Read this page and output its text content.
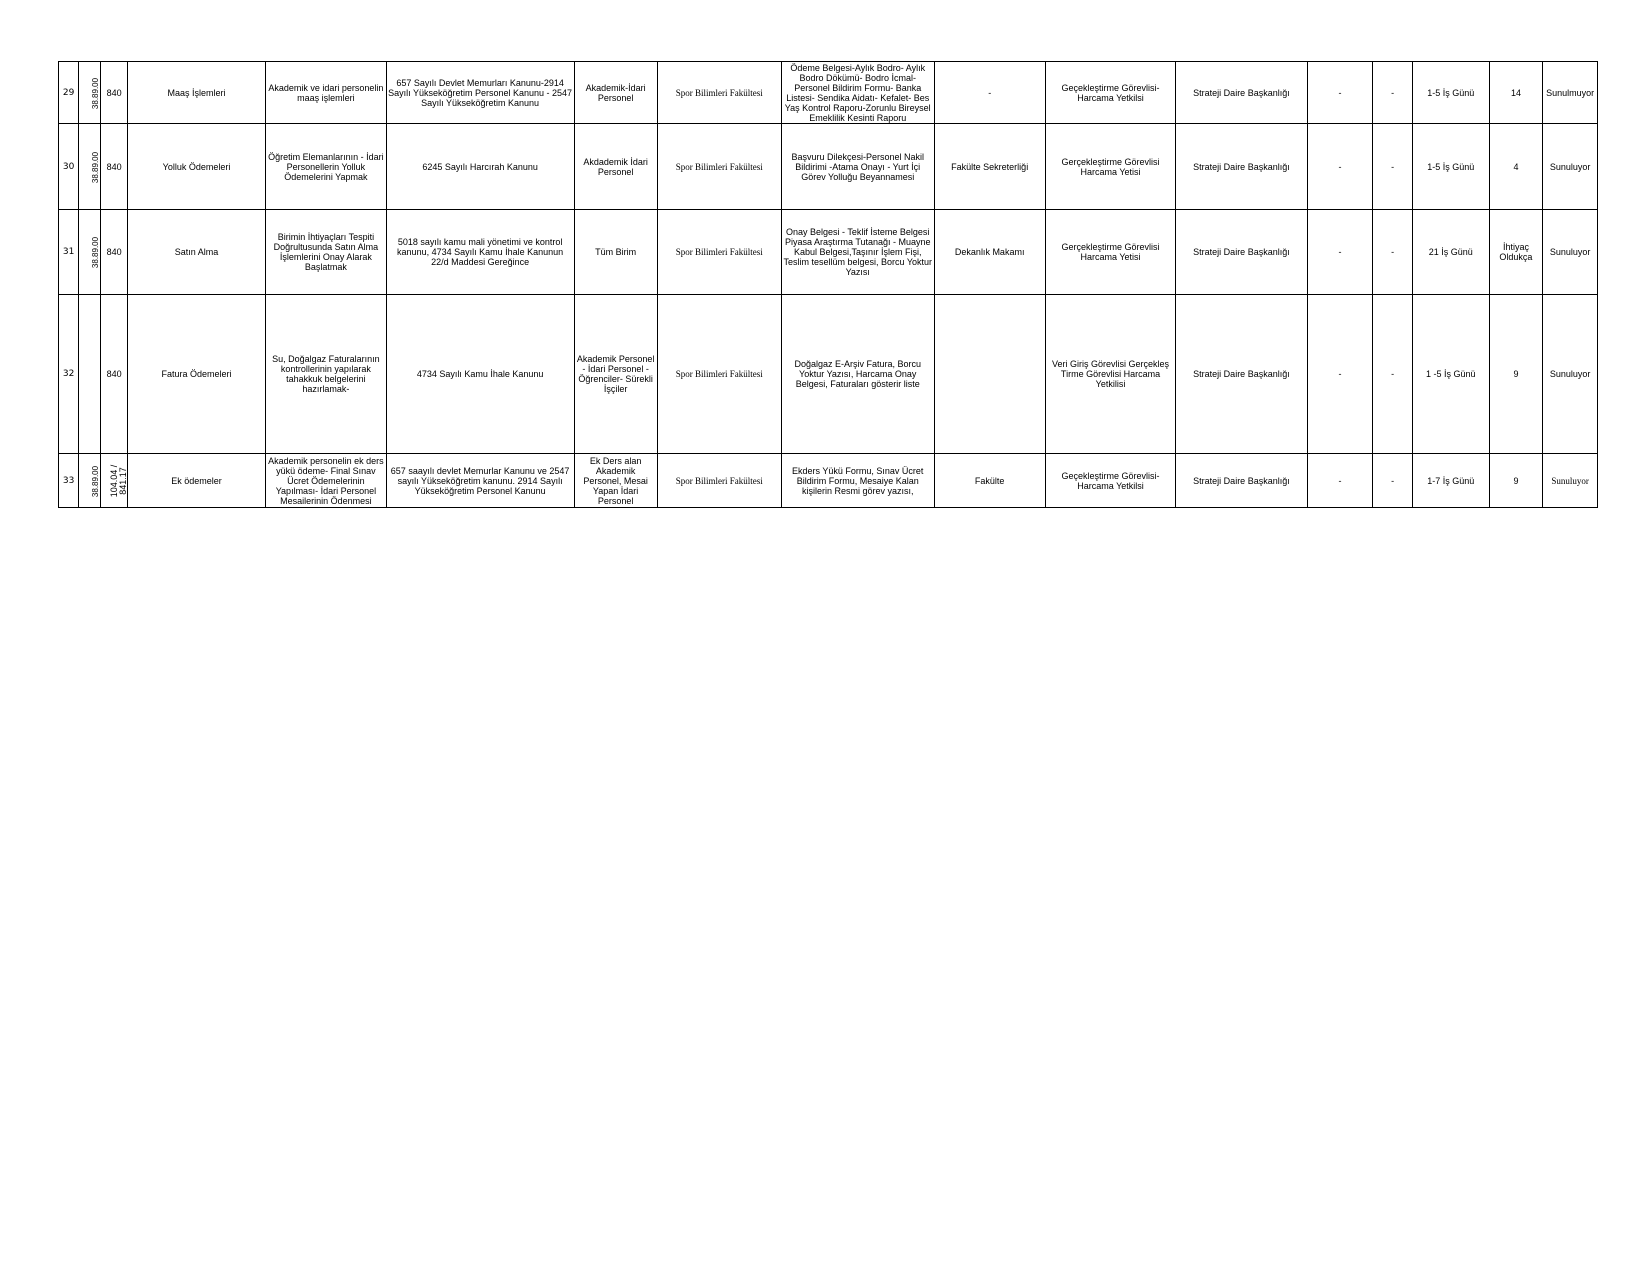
29	38.89.00	840	Maaş İşlemleri	Akademik ve idari personelin maaş işlemleri	657 Sayılı Devlet Memurları Kanunu-2914 Sayılı Yükseköğretim Personel Kanunu - 2547 Sayılı Yükseköğretim Kanunu	Akademik-İdari Personel	Spor Bilimleri Fakültesi	Ödeme Belgesi-Aylık Bodro- Aylık Bodro Dökümü- Bodro İcmal- Personel Bildirim Formu- Banka Listesi- Sendika Aidatı- Kefalet- Bes Yaş Kontrol Raporu-Zorunlu Bireysel Emeklilik Kesinti Raporu	-	Geçekleştirme Görevlisi- Harcama Yetkilsi	Strateji Daire Başkanlığı	-	-	1-5 İş Günü	14	Sunulmuyor
30	38.89.00	840	Yolluk Ödemeleri	Öğretim Elemanlarının - İdari Personellerin Yolluk Ödemelerini Yapmak	6245 Sayılı Harcırah Kanunu	Akdademik İdari Personel	Spor Bilimleri Fakültesi	Başvuru Dilekçesi-Personel Nakil Bildirimi -Atama Onayı - Yurt İçi Görev Yolluğu Beyannamesi	Fakülte Sekreterliği	Gerçekleştirme Görevlisi Harcama Yetisi	Strateji Daire Başkanlığı	-	-	1-5 İş Günü	4	Sunuluyor
31	38.89.00	840	Satın Alma	Birimin İhtiyaçları Tespiti Doğrultusunda Satın Alma İşlemlerini Onay Alarak Başlatmak	5018 sayılı kamu mali yönetimi ve kontrol kanunu, 4734 Sayılı Kamu İhale Kanunun 22/d Maddesi Gereğince	Tüm Birim	Spor Bilimleri Fakültesi	Onay Belgesi - Teklif İsteme Belgesi Piyasa Araştırma Tutanağı - Muayne Kabul Belgesi,Taşınır İşlem Fişi, Teslim tesellüm belgesi, Borcu Yoktur Yazısı	Dekanlık Makamı	Gerçekleştirme Görevlisi Harcama Yetisi	Strateji Daire Başkanlığı	-	-	21 İş Günü	İhtiyaç Oldukça	Sunuluyor
32		840	Fatura Ödemeleri	Su, Doğalgaz Faturalarının kontrollerinin yapılarak tahakkuk belgelerini hazırlamak-	4734 Sayılı Kamu İhale Kanunu	Akademik Personel - İdari Personel - Öğrenciler- Sürekli İşçiler	Spor Bilimleri Fakültesi	Doğalgaz E-Arşiv Fatura, Borcu Yoktur Yazısı, Harcama Onay Belgesi, Faturaları gösterir liste		Veri Giriş Görevlisi Gerçekleş Tirme Görevlisi Harcama Yetkilisi	Strateji Daire Başkanlığı	-	-	1 -5 İş Günü	9	Sunuluyor
33	38.89.00	104.04 / 841.17	Ek ödemeler	Akademik personelin ek ders yükü ödeme- Final Sınav Ücret Ödemelerinin Yapılması- İdari Personel Mesailerinin Ödenmesi	657 saayılı devlet Memurlar Kanunu ve 2547 sayılı Yükseköğretim kanunu. 2914 Sayılı Yükseköğretim Personel Kanunu	Ek Ders alan Akademik Personel, Mesai Yapan İdari Personel	Spor Bilimleri Fakültesi	Ekders Yükü Formu, Sınav Ücret Bildirim Formu, Mesaiye Kalan kişilerin Resmi görev yazısı,	Fakülte	Geçekleştirme Görevlisi- Harcama Yetkilsi	Strateji Daire Başkanlığı	-	-	1-7 İş Günü	9	Sunuluyor
